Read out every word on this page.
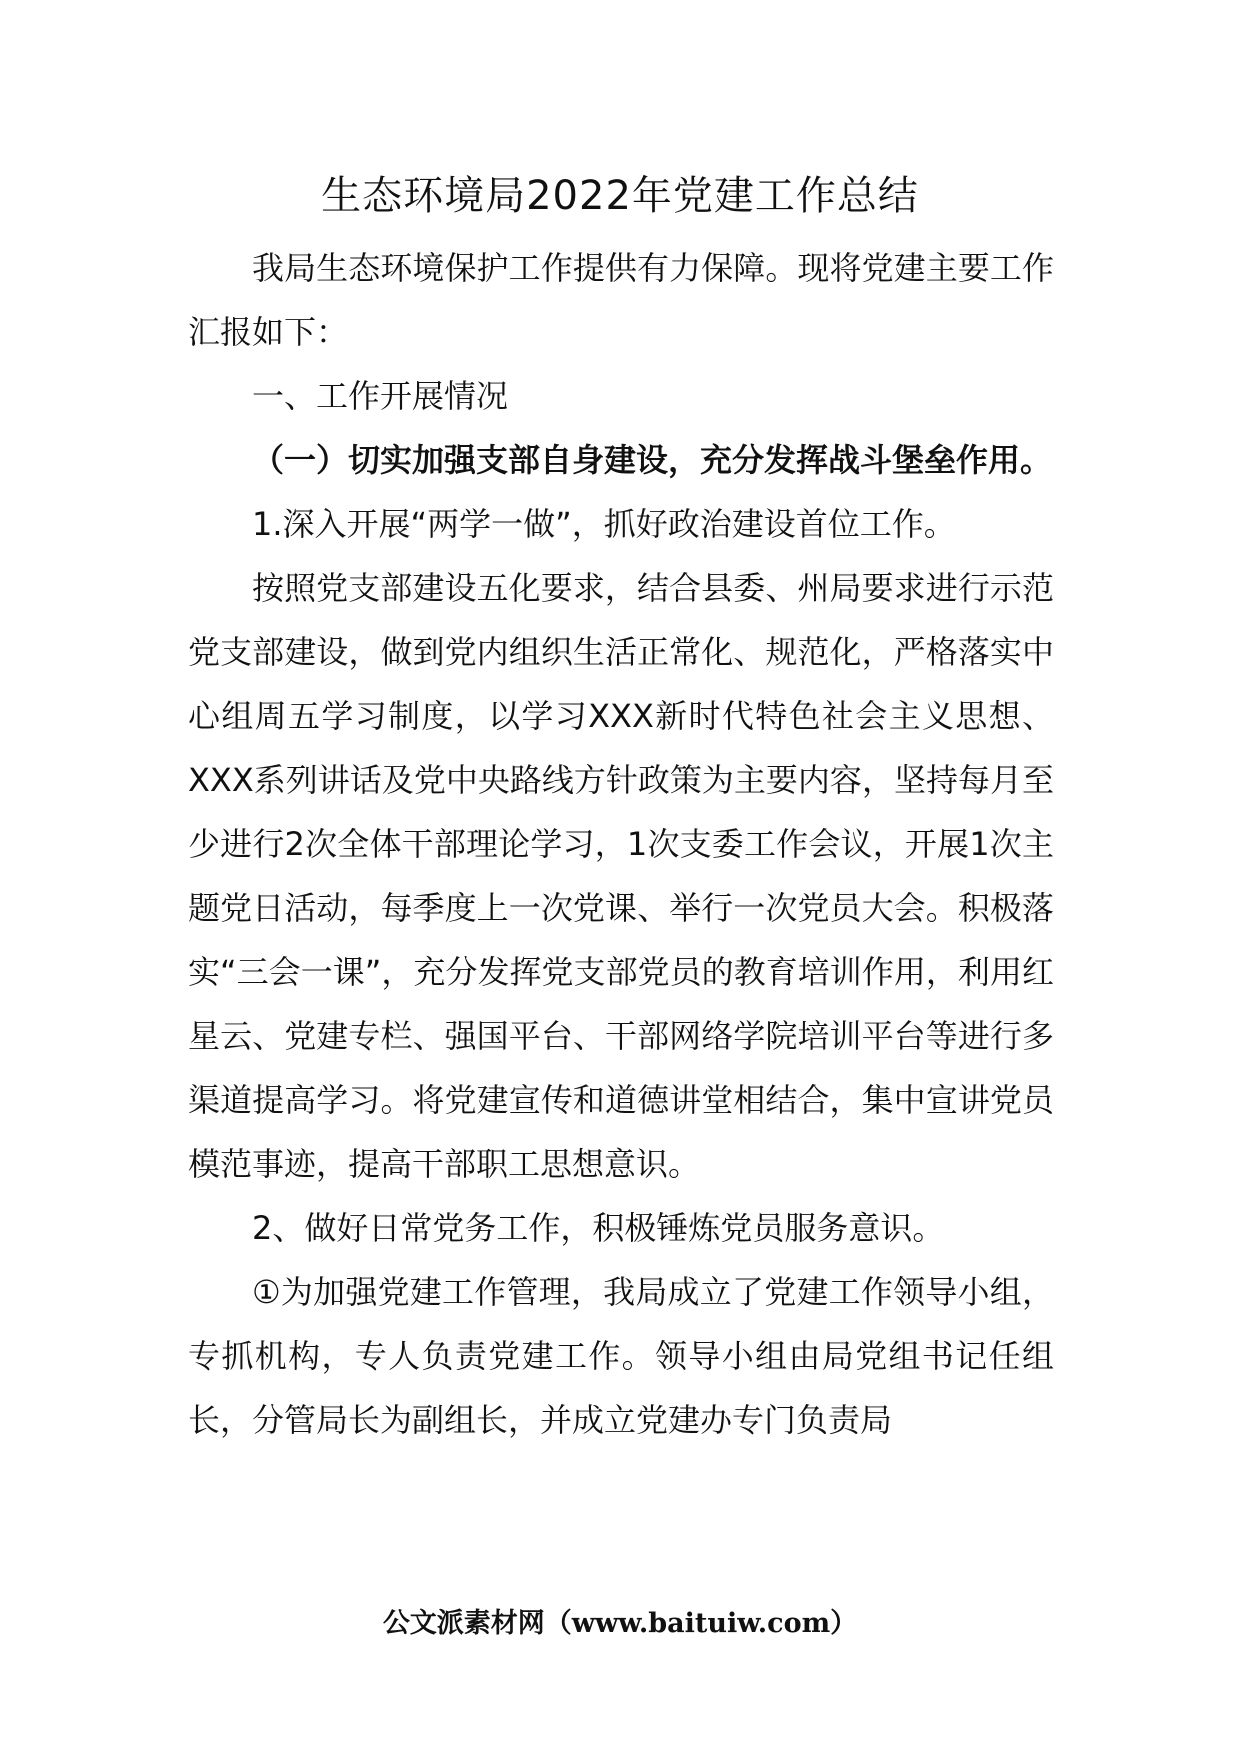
生态环境局2022年党建工作总结

我局生态环境保护工作提供有力保障。现将党建主要工作汇报如下：

一、工作开展情况

（一）切实加强支部自身建设，充分发挥战斗堡垒作用。

1.深入开展“两学一做”，抓好政治建设首位工作。

按照党支部建设五化要求，结合县委、州局要求进行示范党支部建设，做到党内组织生活正常化、规范化，严格落实中心组周五学习制度，以学习XXX新时代特色社会主义思想、XXX系列讲话及党中央路线方针政策为主要内容，坚持每月至少进行2次全体干部理论学习，1次支委工作会议，开展1次主题党日活动，每季度上一次党课、举行一次党员大会。积极落实“三会一课”，充分发挥党支部党员的教育培训作用，利用红星云、党建专栏、强国平台、干部网络学院培训平台等进行多渠道提高学习。将党建宣传和道德讲堂相结合，集中宣讲党员模范事迹，提高干部职工思想意识。

2、做好日常党务工作，积极锤炼党员服务意识。

①为加强党建工作管理，我局成立了党建工作领导小组，专抓机构，专人负责党建工作。领导小组由局党组书记任组长，分管局长为副组长，并成立党建办专门负责局

公文派素材网（www.baituiw.com）
